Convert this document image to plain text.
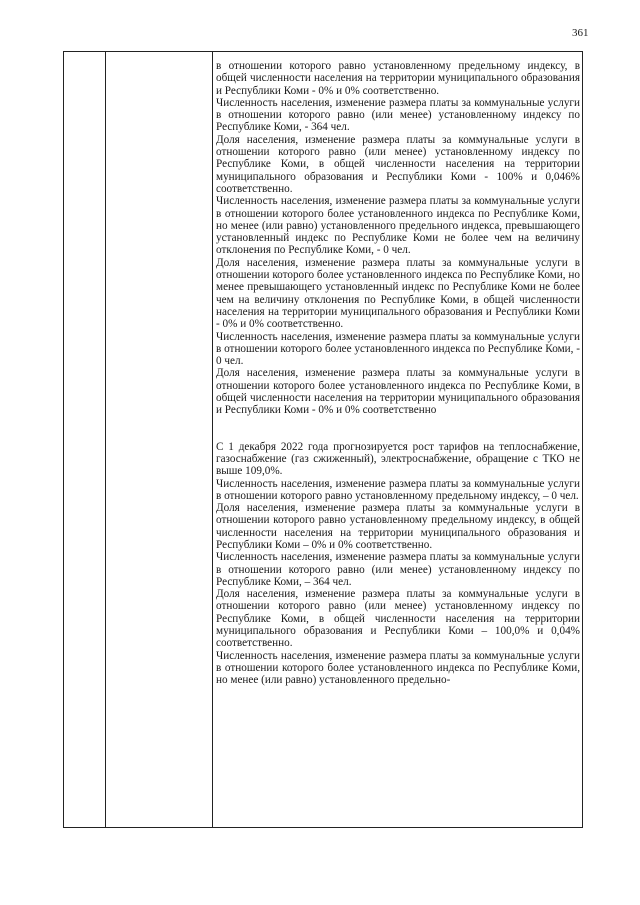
361

в отношении которого равно установленному предельному индексу, в общей численности населения на территории муниципального образования и Республики Коми - 0% и 0% соответственно.

Численность населения, изменение размера платы за коммунальные услуги в отношении которого равно (или менее) установленному индексу по Республике Коми, - 364 чел.

Доля населения, изменение размера платы за коммунальные услуги в отношении которого равно (или менее) установленному индексу по Республике Коми, в общей численности населения на территории муниципального образования и Республики Коми - 100% и 0,046% соответственно.

Численность населения, изменение размера платы за коммунальные услуги в отношении которого более установленного индекса по Республике Коми, но менее (или равно) установленного предельного индекса, превышающего установленный индекс по Республике Коми не более чем на величину отклонения по Республике Коми, - 0 чел.

Доля населения, изменение размера платы за коммунальные услуги в отношении которого более установленного индекса по Республике Коми, но менее превышающего установленный индекс по Республике Коми не более чем на величину отклонения по Республике Коми, в общей численности населения на территории муниципального образования и Республики Коми - 0% и 0% соответственно.

Численность населения, изменение размера платы за коммунальные услуги в отношении которого более установленного индекса по Республике Коми, - 0 чел.

Доля населения, изменение размера платы за коммунальные услуги в отношении которого более установленного индекса по Республике Коми, в общей численности населения на территории муниципального образования и Республики Коми - 0% и 0% соответственно

С 1 декабря 2022 года прогнозируется рост тарифов на теплоснабжение, газоснабжение (газ сжиженный), электроснабжение, обращение с ТКО не выше 109,0%.

Численность населения, изменение размера платы за коммунальные услуги в отношении которого равно установленному предельному индексу, – 0 чел.

Доля населения, изменение размера платы за коммунальные услуги в отношении которого равно установленному предельному индексу, в общей численности населения на территории муниципального образования и Республики Коми – 0% и 0% соответственно.

Численность населения, изменение размера платы за коммунальные услуги в отношении которого равно (или менее) установленному индексу по Республике Коми, – 364 чел.

Доля населения, изменение размера платы за коммунальные услуги в отношении которого равно (или менее) установленному индексу по Республике Коми, в общей численности населения на территории муниципального образования и Республики Коми – 100,0% и 0,04% соответственно.

Численность населения, изменение размера платы за коммунальные услуги в отношении которого более установленного индекса по Республике Коми, но менее (или равно) установленного предельно-
